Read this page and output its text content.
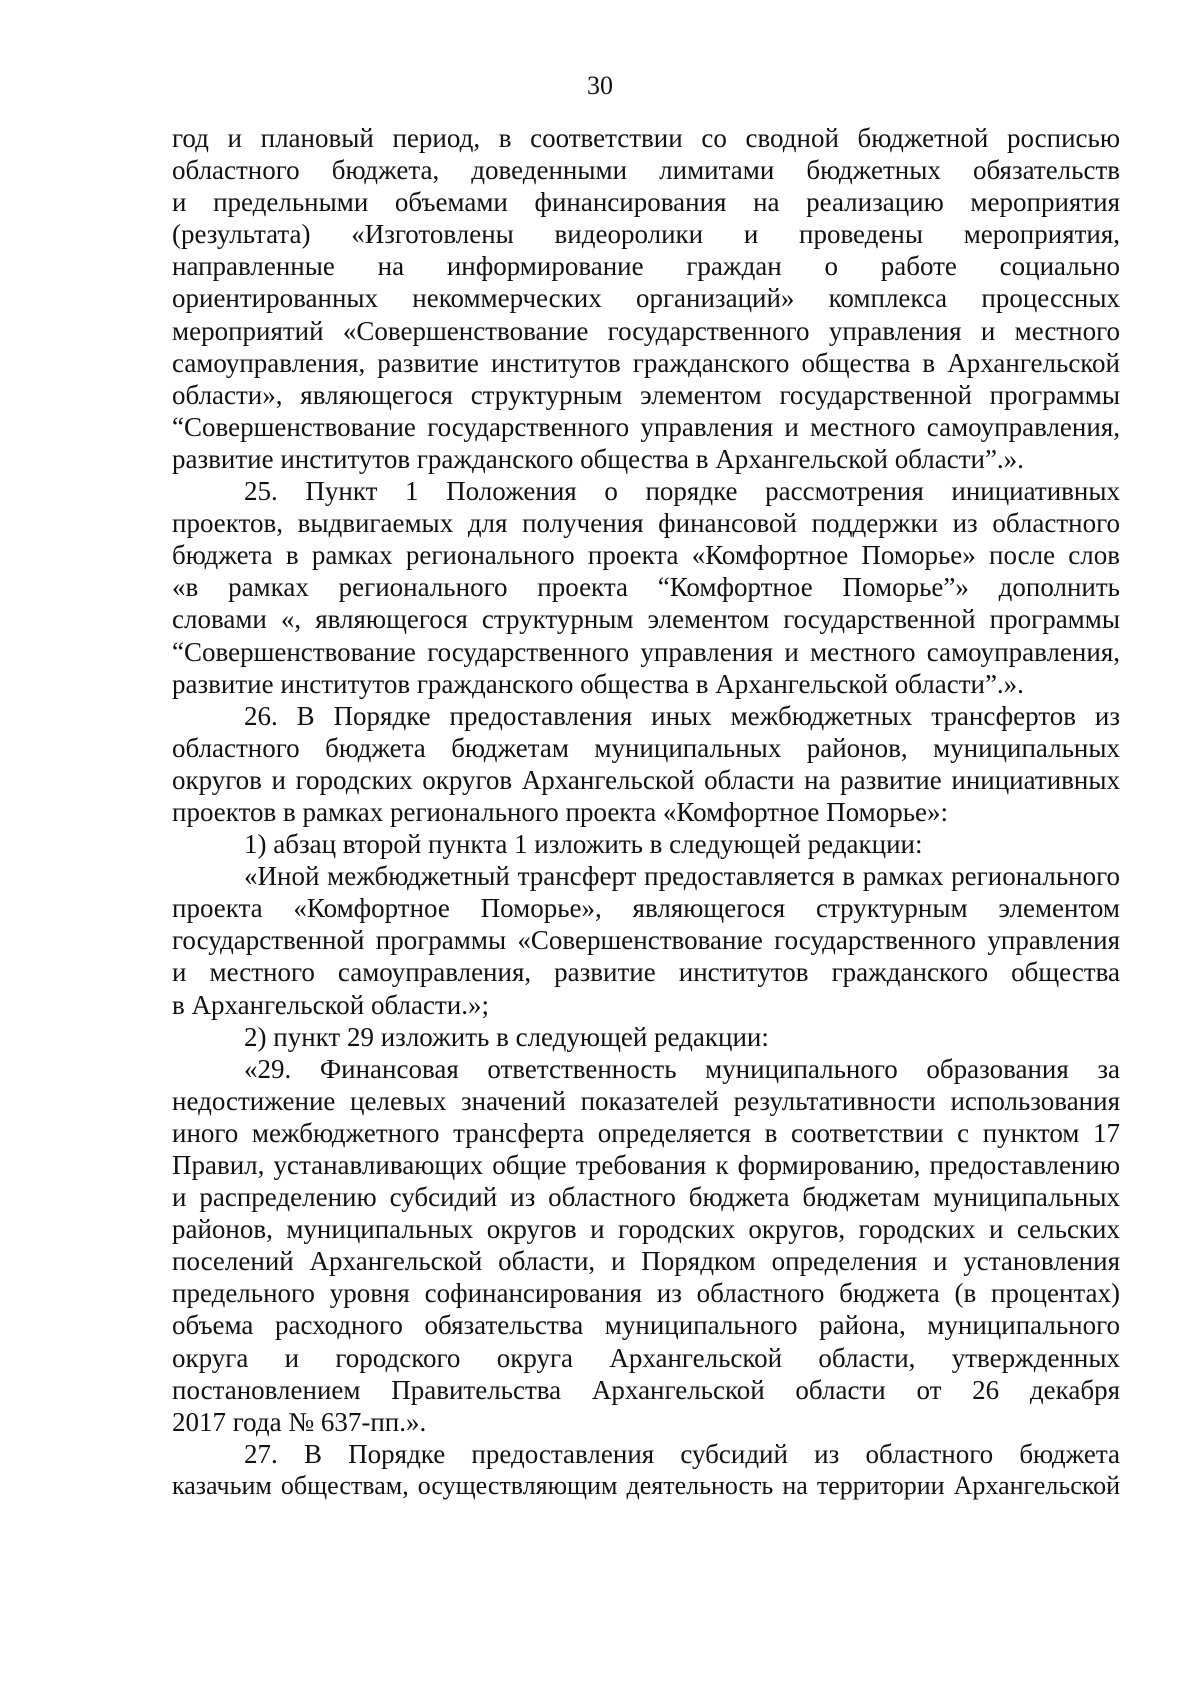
30
год и плановый период, в соответствии со сводной бюджетной росписью
областного бюджета, доведенными лимитами бюджетных обязательств
и предельными объемами финансирования на реализацию мероприятия
(результата) «Изготовлены видеоролики и проведены мероприятия,
направленные на информирование граждан о работе социально
ориентированных некоммерческих организаций» комплекса процессных
мероприятий «Совершенствование государственного управления и местного
самоуправления, развитие институтов гражданского общества в Архангельской
области», являющегося структурным элементом государственной программы
“Совершенствование государственного управления и местного самоуправления,
развитие институтов гражданского общества в Архангельской области”.».
25. Пункт 1 Положения о порядке рассмотрения инициативных
проектов, выдвигаемых для получения финансовой поддержки из областного
бюджета в рамках регионального проекта «Комфортное Поморье» после слов
«в рамках регионального проекта “Комфортное Поморье”» дополнить
словами «, являющегося структурным элементом государственной программы
“Совершенствование государственного управления и местного самоуправления,
развитие институтов гражданского общества в Архангельской области”.».
26. В Порядке предоставления иных межбюджетных трансфертов из
областного бюджета бюджетам муниципальных районов, муниципальных
округов и городских округов Архангельской области на развитие инициативных
проектов в рамках регионального проекта «Комфортное Поморье»:
1) абзац второй пункта 1 изложить в следующей редакции:
«Иной межбюджетный трансферт предоставляется в рамках регионального
проекта «Комфортное Поморье», являющегося структурным элементом
государственной программы «Совершенствование государственного управления
и местного самоуправления, развитие институтов гражданского общества
в Архангельской области.»;
2) пункт 29 изложить в следующей редакции:
«29. Финансовая ответственность муниципального образования за
недостижение целевых значений показателей результативности использования
иного межбюджетного трансферта определяется в соответствии с пунктом 17
Правил, устанавливающих общие требования к формированию, предоставлению
и распределению субсидий из областного бюджета бюджетам муниципальных
районов, муниципальных округов и городских округов, городских и сельских
поселений Архангельской области, и Порядком определения и установления
предельного уровня софинансирования из областного бюджета (в процентах)
объема расходного обязательства муниципального района, муниципального
округа и городского округа Архангельской области, утвержденных
постановлением Правительства Архангельской области от 26 декабря
2017 года № 637-пп.».
27. В Порядке предоставления субсидий из областного бюджета
казачьим обществам, осуществляющим деятельность на территории Архангельской
